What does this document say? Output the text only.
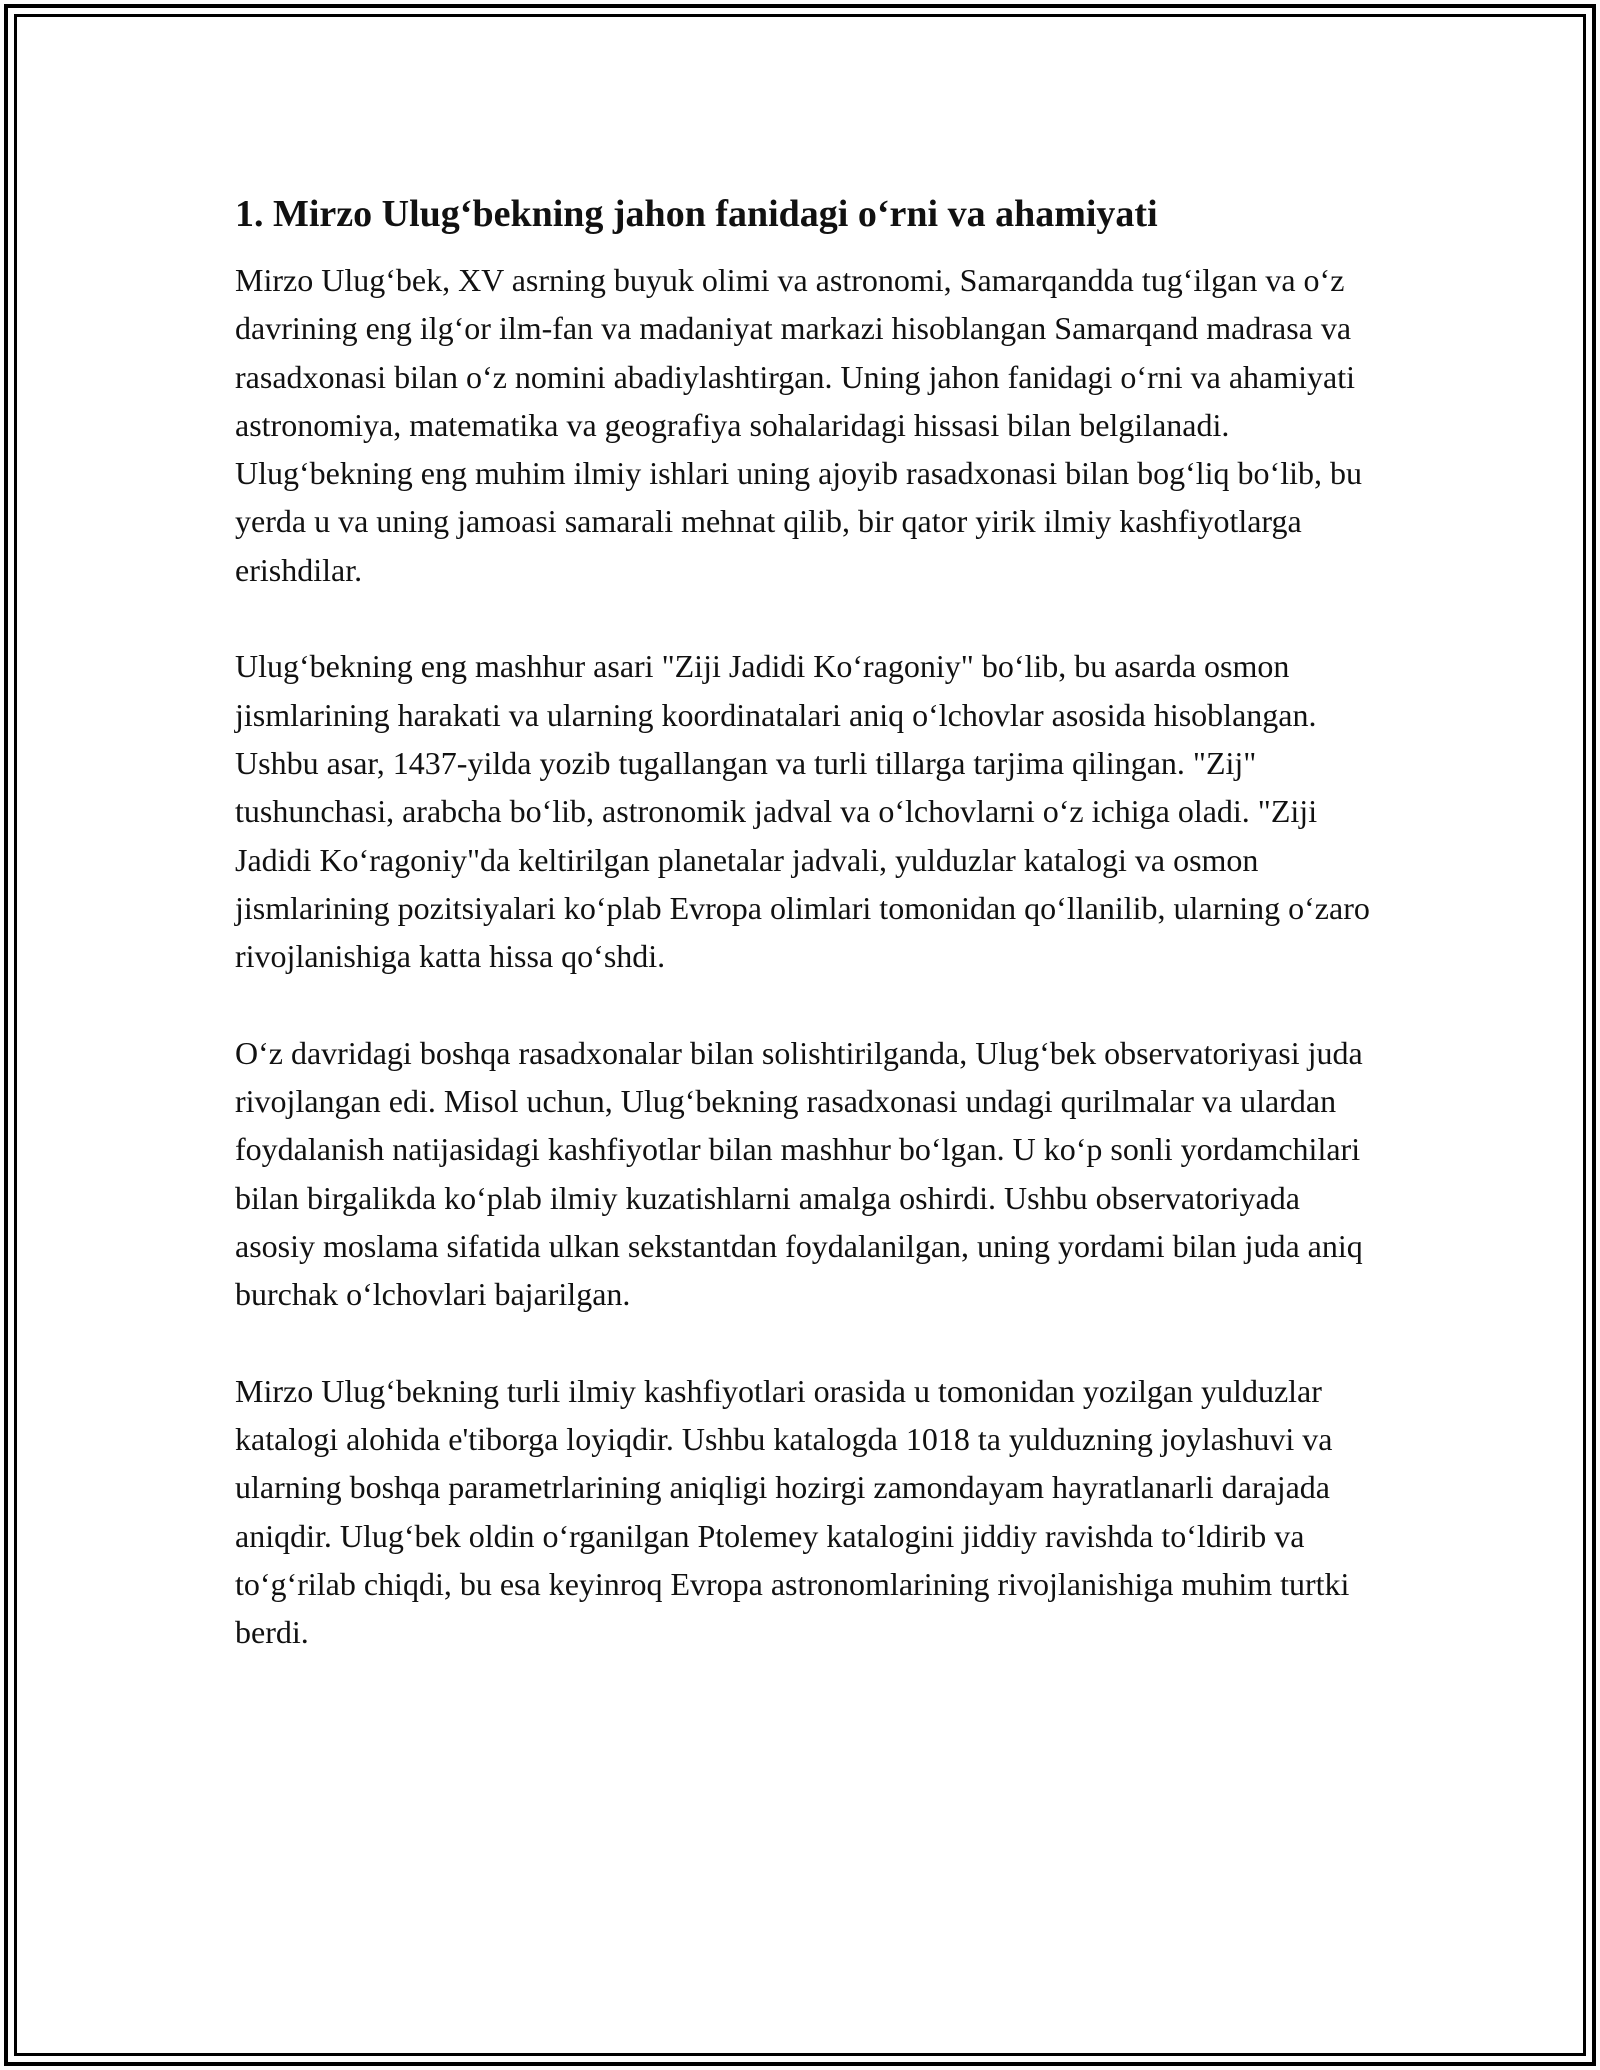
1. Mirzo Ulugʻbekning jahon fanidagi oʻrni va ahamiyati

Mirzo Ulugʻbek, XV asrning buyuk olimi va astronomi, Samarqandda tugʻilgan va oʻz davrining eng ilgʻor ilm-fan va madaniyat markazi hisoblangan Samarqand madrasa va rasadxonasi bilan oʻz nomini abadiylashtirgan. Uning jahon fanidagi oʻrni va ahamiyati astronomiya, matematika va geografiya sohalaridagi hissasi bilan belgilanadi. Ulugʻbekning eng muhim ilmiy ishlari uning ajoyib rasadxonasi bilan bogʻliq boʻlib, bu yerda u va uning jamoasi samarali mehnat qilib, bir qator yirik ilmiy kashfiyotlarga erishdilar.

Ulugʻbekning eng mashhur asari "Ziji Jadidi Koʻragoniy" boʻlib, bu asarda osmon jismlarining harakati va ularning koordinatalari aniq oʻlchovlar asosida hisoblangan. Ushbu asar, 1437-yilda yozib tugallangan va turli tillarga tarjima qilingan. "Zij" tushunchasi, arabcha boʻlib, astronomik jadval va oʻlchovlarni oʻz ichiga oladi. "Ziji Jadidi Koʻragoniy"da keltirilgan planetalar jadvali, yulduzlar katalogi va osmon jismlarining pozitsiyalari koʻplab Evropa olimlari tomonidan qoʻllanilib, ularning oʻzaro rivojlanishiga katta hissa qoʻshdi.

Oʻz davridagi boshqa rasadxonalar bilan solishtirilganda, Ulugʻbek observatoriyasi juda rivojlangan edi. Misol uchun, Ulugʻbekning rasadxonasi undagi qurilmalar va ulardan foydalanish natijasidagi kashfiyotlar bilan mashhur boʻlgan. U koʻp sonli yordamchilari bilan birgalikda koʻplab ilmiy kuzatishlarni amalga oshirdi. Ushbu observatoriyada asosiy moslama sifatida ulkan sekstantdan foydalanilgan, uning yordami bilan juda aniq burchak oʻlchovlari bajarilgan.

Mirzo Ulugʻbekning turli ilmiy kashfiyotlari orasida u tomonidan yozilgan yulduzlar katalogi alohida e'tiborga loyiqdir. Ushbu katalogda 1018 ta yulduzning joylashuvi va ularning boshqa parametrlarining aniqligi hozirgi zamondayam hayratlanarli darajada aniqdir. Ulugʻbek oldin oʻrganilgan Ptolemey katalogini jiddiy ravishda toʻldirib va toʻgʻrilab chiqdi, bu esa keyinroq Evropa astronomlarining rivojlanishiga muhim turtki berdi.
